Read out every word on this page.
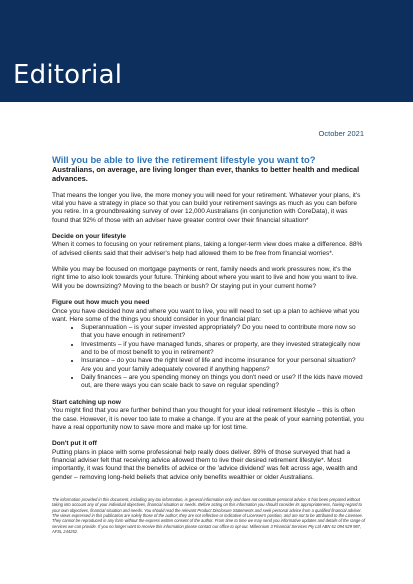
Editorial
October 2021
Will you be able to live the retirement lifestyle you want to?

Australians, on average, are living longer than ever, thanks to better health and medical advances.

That means the longer you live, the more money you will need for your retirement. Whatever your plans, it's vital you have a strategy in place so that you can build your retirement savings as much as you can before you retire. In a groundbreaking survey of over 12,000 Australians (in conjunction with CoreData), it was found that 92% of those with an adviser have greater control over their financial situation*

Decide on your lifestyle

When it comes to focusing on your retirement plans, taking a longer-term view does make a difference. 88% of advised clients said that their adviser's help had allowed them to be free from financial worries*.

While you may be focused on mortgage payments or rent, family needs and work pressures now, it's the right time to also look towards your future. Thinking about where you want to live and how you want to live. Will you be downsizing? Moving to the beach or bush? Or staying put in your current home?

Figure out how much you need

Once you have decided how and where you want to live, you will need to set up a plan to achieve what you want. Here some of the things you should consider in your financial plan:

• Superannuation – is your super invested appropriately? Do you need to contribute more now so that you have enough in retirement?
• Investments – if you have managed funds, shares or property, are they invested strategically now and to be of most benefit to you in retirement?
• Insurance – do you have the right level of life and income insurance for your personal situation? Are you and your family adequately covered if anything happens?
• Daily finances – are you spending money on things you don't need or use? If the kids have moved out, are there ways you can scale back to save on regular spending?
Start catching up now

You might find that you are further behind than you thought for your ideal retirement lifestyle – this is often the case. However, it is never too late to make a change. If you are at the peak of your earning potential, you have a real opportunity now to save more and make up for lost time.

Don't put it off

Putting plans in place with some professional help really does deliver. 89% of those surveyed that had a financial adviser felt that receiving advice allowed them to live their desired retirement lifestyle*. Most importantly, it was found that the benefits of advice or the 'advice dividend' was felt across age, wealth and gender – removing long-held beliefs that advice only benefits wealthier or older Australians.

The information provided in this document, including any tax information, is general information only and does not constitute personal advice. It has been prepared without taking into account any of your individual objectives, financial situation or needs. Before acting on this information you should consider its appropriateness, having regard to your own objectives, financial situation and needs. You should read the relevant Product Disclosure Statements and seek personal advice from a qualified financial adviser. The views expressed in this publication are solely those of the author; they are not reflective or indicative of Licensee's position, and are not to be attributed to the Licensee. They cannot be reproduced in any form without the express written consent of the author. From time to time we may send you informative updates and details of the range of services we can provide. If you no longer want to receive this information please contact our office to opt out. Millennium 3 Financial Services Pty Ltd ABN 61 094 529 987, AFSL 244252.
